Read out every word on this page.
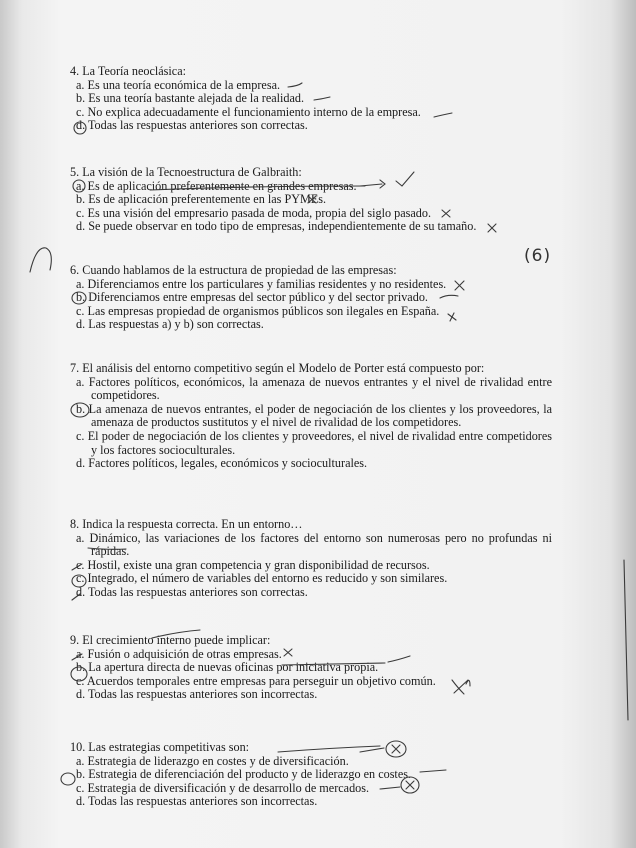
4. La Teoría neoclásica:
a. Es una teoría económica de la empresa.
b. Es una teoría bastante alejada de la realidad.
c. No explica adecuadamente el funcionamiento interno de la empresa.
d. Todas las respuestas anteriores son correctas.
5. La visión de la Tecnoestructura de Galbraith:
a. Es de aplicación preferentemente en grandes empresas.
b. Es de aplicación preferentemente en las PYMEs.
c. Es una visión del empresario pasada de moda, propia del siglo pasado.
d. Se puede observar en todo tipo de empresas, independientemente de su tamaño.
6. Cuando hablamos de la estructura de propiedad de las empresas:
a. Diferenciamos entre los particulares y familias residentes y no residentes.
b. Diferenciamos entre empresas del sector público y del sector privado.
c. Las empresas propiedad de organismos públicos son ilegales en España.
d. Las respuestas a) y b) son correctas.
7. El análisis del entorno competitivo según el Modelo de Porter está compuesto por:
a. Factores políticos, económicos, la amenaza de nuevos entrantes y el nivel de rivalidad entre competidores.
b. La amenaza de nuevos entrantes, el poder de negociación de los clientes y los proveedores, la amenaza de productos sustitutos y el nivel de rivalidad de los competidores.
c. El poder de negociación de los clientes y proveedores, el nivel de rivalidad entre competidores y los factores socioculturales.
d. Factores políticos, legales, económicos y socioculturales.
8. Indica la respuesta correcta. En un entorno…
a. Dinámico, las variaciones de los factores del entorno son numerosas pero no profundas ni rápidas.
c. Hostil, existe una gran competencia y gran disponibilidad de recursos.
c. Integrado, el número de variables del entorno es reducido y son similares.
d. Todas las respuestas anteriores son correctas.
9. El crecimiento interno puede implicar:
a. Fusión o adquisición de otras empresas.
b. La apertura directa de nuevas oficinas por iniciativa propia.
c. Acuerdos temporales entre empresas para perseguir un objetivo común.
d. Todas las respuestas anteriores son incorrectas.
10. Las estrategias competitivas son:
a. Estrategia de liderazgo en costes y de diversificación.
b. Estrategia de diferenciación del producto y de liderazgo en costes.
c. Estrategia de diversificación y de desarrollo de mercados.
d. Todas las respuestas anteriores son incorrectas.
(6)
